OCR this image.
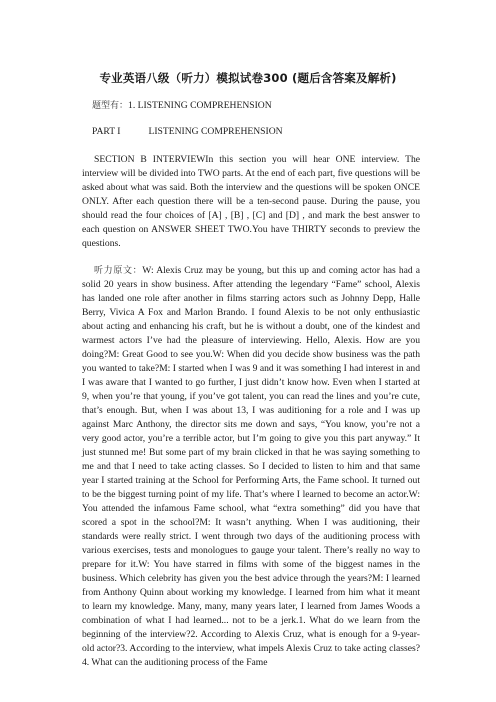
专业英语八级（听力）模拟试卷300 (题后含答案及解析)
题型有：1. LISTENING COMPREHENSION
PART I	LISTENING COMPREHENSION
SECTION B INTERVIEWIn this section you will hear ONE interview. The interview will be divided into TWO parts. At the end of each part, five questions will be asked about what was said. Both the interview and the questions will be spoken ONCE ONLY. After each question there will be a ten-second pause. During the pause, you should read the four choices of [A] , [B] , [C] and [D] , and mark the best answer to each question on ANSWER SHEET TWO.You have THIRTY seconds to preview the questions.
听力原文：W: Alexis Cruz may be young, but this up and coming actor has had a solid 20 years in show business. After attending the legendary “Fame” school, Alexis has landed one role after another in films starring actors such as Johnny Depp, Halle Berry, Vivica A Fox and Marlon Brando. I found Alexis to be not only enthusiastic about acting and enhancing his craft, but he is without a doubt, one of the kindest and warmest actors I’ve had the pleasure of interviewing. Hello, Alexis. How are you doing?M: Great Good to see you.W: When did you decide show business was the path you wanted to take?M: I started when I was 9 and it was something I had interest in and I was aware that I wanted to go further, I just didn’t know how. Even when I started at 9, when you’re that young, if you’ve got talent, you can read the lines and you’re cute, that’s enough. But, when I was about 13, I was auditioning for a role and I was up against Marc Anthony, the director sits me down and says, “You know, you’re not a very good actor, you’re a terrible actor, but I’m going to give you this part anyway.” It just stunned me! But some part of my brain clicked in that he was saying something to me and that I need to take acting classes. So I decided to listen to him and that same year I started training at the School for Performing Arts, the Fame school. It turned out to be the biggest turning point of my life. That’s where I learned to become an actor.W: You attended the infamous Fame school, what “extra something” did you have that scored a spot in the school?M: It wasn’t anything. When I was auditioning, their standards were really strict. I went through two days of the auditioning process with various exercises, tests and monologues to gauge your talent. There’s really no way to prepare for it.W: You have starred in films with some of the biggest names in the business. Which celebrity has given you the best advice through the years?M: I learned from Anthony Quinn about working my knowledge. I learned from him what it meant to learn my knowledge. Many, many, many years later, I learned from James Woods a combination of what I had learned... not to be a jerk.1. What do we learn from the beginning of the interview?2. According to Alexis Cruz, what is enough for a 9-year-old actor?3. According to the interview, what impels Alexis Cruz to take acting classes?4. What can the auditioning process of the Fame
